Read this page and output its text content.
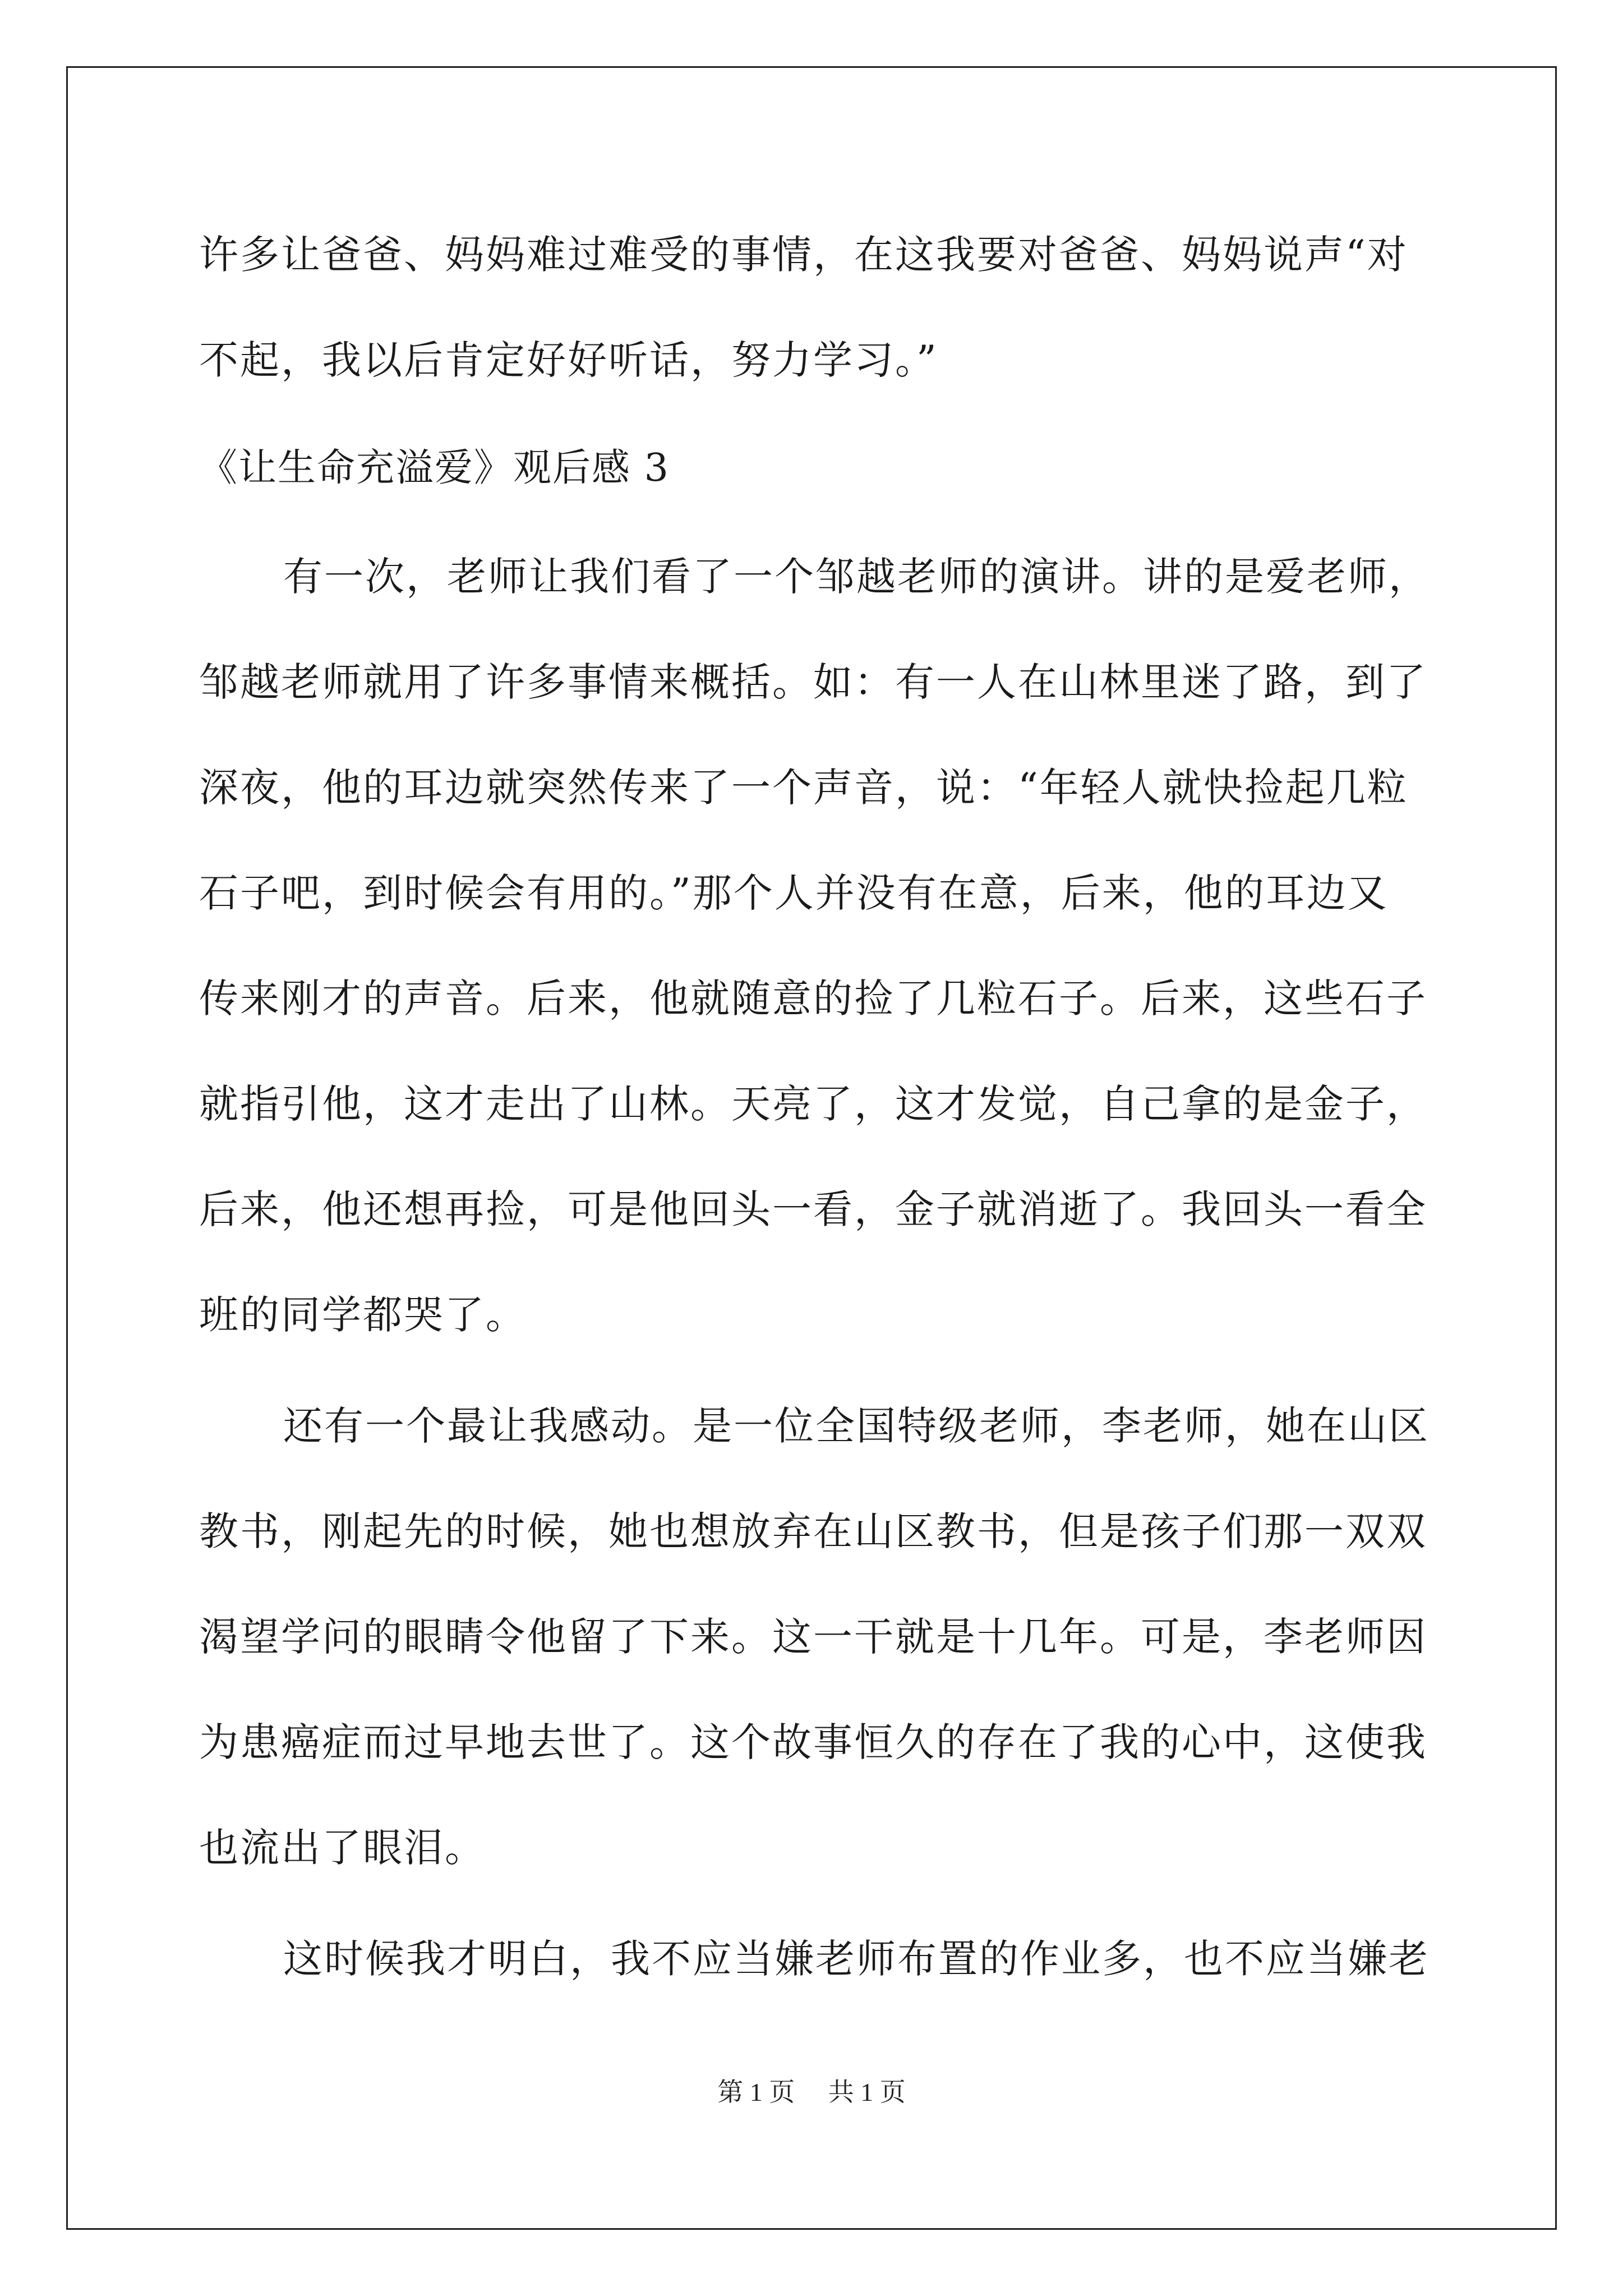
许多让爸爸、妈妈难过难受的事情，在这我要对爸爸、妈妈说声“对
不起，我以后肯定好好听话，努力学习。”
《让生命充溢爱》观后感 3
有一次，老师让我们看了一个邹越老师的演讲。讲的是爱老师，
邹越老师就用了许多事情来概括。如：有一人在山林里迷了路，到了
深夜，他的耳边就突然传来了一个声音，说：“年轻人就快捡起几粒
石子吧，到时候会有用的。”那个人并没有在意，后来，他的耳边又
传来刚才的声音。后来，他就随意的捡了几粒石子。后来，这些石子
就指引他，这才走出了山林。天亮了，这才发觉，自己拿的是金子，
后来，他还想再捡，可是他回头一看，金子就消逝了。我回头一看全
班的同学都哭了。
还有一个最让我感动。是一位全国特级老师，李老师，她在山区
教书，刚起先的时候，她也想放弃在山区教书，但是孩子们那一双双
渴望学问的眼睛令他留了下来。这一干就是十几年。可是，李老师因
为患癌症而过早地去世了。这个故事恒久的存在了我的心中，这使我
也流出了眼泪。
这时候我才明白，我不应当嫌老师布置的作业多，也不应当嫌老
第 1 页 共 1 页
